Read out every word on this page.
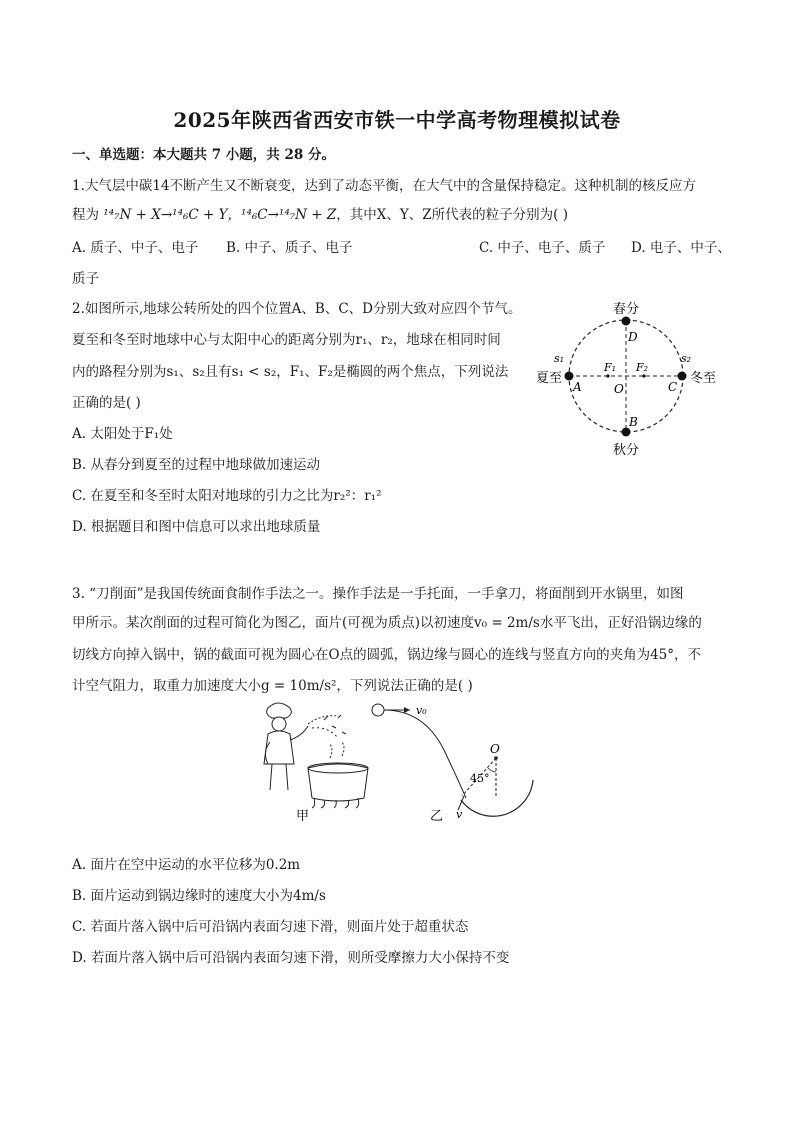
2025年陕西省西安市铁一中学高考物理模拟试卷
一、单选题：本大题共 7 小题，共 28 分。
1.大气层中碳14不断产生又不断衰变，达到了动态平衡，在大气中的含量保持稳定。这种机制的核反应方
程为 ¹⁴₇N + X→¹⁴₆C + Y，¹⁴₆C→¹⁴₇N + Z，其中X、Y、Z所代表的粒子分别为( )
A. 质子、中子、电子 B. 中子、质子、电子	C. 中子、电子、质子 D. 电子、中子、
质子
2.如图所示,地球公转所处的四个位置A、B、C、D分别大致对应四个节气。
夏至和冬至时地球中心与太阳中心的距离分别为r₁、r₂，地球在相同时间
内的路程分别为s₁、s₂且有s₁ < s₂，F₁、F₂是椭圆的两个焦点，下列说法
正确的是( )
A. 太阳处于F₁处
B. 从春分到夏至的过程中地球做加速运动
C. 在夏至和冬至时太阳对地球的引力之比为r₂²：r₁²
D. 根据题目和图中信息可以求出地球质量
春分
秋分
夏至	冬至
A
B
C
D
O
F₁ F₂
s₁	s₂
3. “刀削面”是我国传统面食制作手法之一。操作手法是一手托面，一手拿刀，将面削到开水锅里，如图
甲所示。某次削面的过程可简化为图乙，面片(可视为质点)以初速度v₀ = 2m/s水平飞出，正好沿锅边缘的
切线方向掉入锅中，锅的截面可视为圆心在O点的圆弧，锅边缘与圆心的连线与竖直方向的夹角为45°，不
计空气阻力，取重力加速度大小g = 10m/s²，下列说法正确的是( )
甲
v₀
O
45°
v
乙
A. 面片在空中运动的水平位移为0.2m
B. 面片运动到锅边缘时的速度大小为4m/s
C. 若面片落入锅中后可沿锅内表面匀速下滑，则面片处于超重状态
D. 若面片落入锅中后可沿锅内表面匀速下滑，则所受摩擦力大小保持不变
